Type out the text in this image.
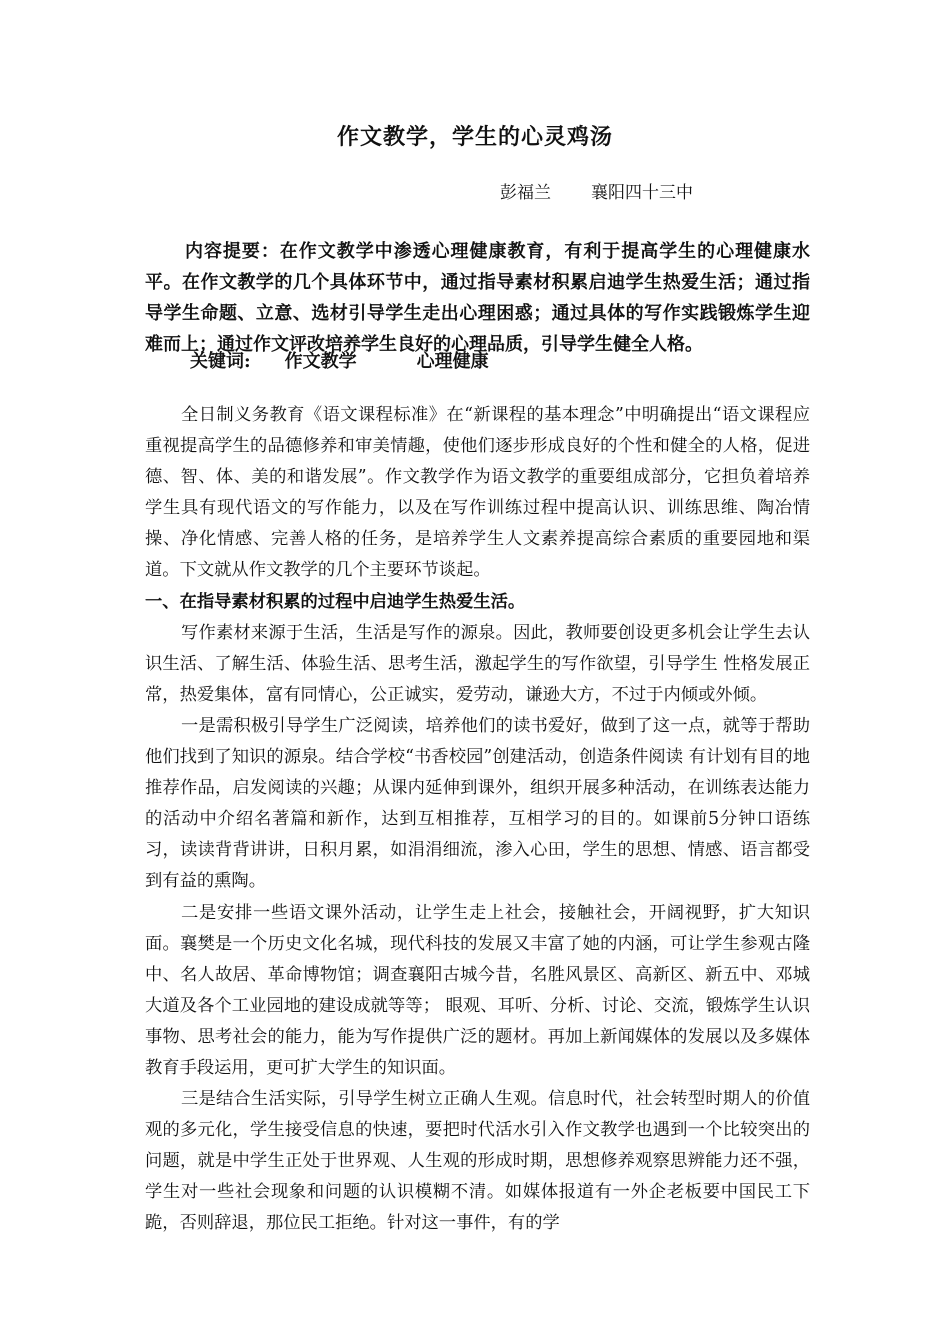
作文教学，学生的心灵鸡汤
彭福兰 襄阳四十三中

内容提要：在作文教学中渗透心理健康教育，有利于提高学生的心理健康水平。在作文教学的几个具体环节中，通过指导素材积累启迪学生热爱生活；通过指导学生命题、立意、选材引导学生走出心理困惑；通过具体的写作实践锻炼学生迎难而上；通过作文评改培养学生良好的心理品质，引导学生健全人格。

关键词: 作文教学	心理健康

全日制义务教育《语文课程标准》在“新课程的基本理念”中明确提出“语文课程应重视提高学生的品德修养和审美情趣，使他们逐步形成良好的个性和健全的人格，促进德、智、体、美的和谐发展”。作文教学作为语文教学的重要组成部分，它担负着培养学生具有现代语文的写作能力，以及在写作训练过程中提高认识、训练思维、陶冶情操、净化情感、完善人格的任务，是培养学生人文素养提高综合素质的重要园地和渠道。下文就从作文教学的几个主要环节谈起。

一、在指导素材积累的过程中启迪学生热爱生活。

写作素材来源于生活，生活是写作的源泉。因此，教师要创设更多机会让学生去认识生活、了解生活、体验生活、思考生活，激起学生的写作欲望，引导学生 性格发展正常，热爱集体，富有同情心，公正诚实，爱劳动，谦逊大方，不过于内倾或外倾。

一是需积极引导学生广泛阅读，培养他们的读书爱好，做到了这一点，就等于帮助他们找到了知识的源泉。结合学校“书香校园”创建活动，创造条件阅读 有计划有目的地推荐作品，启发阅读的兴趣；从课内延伸到课外，组织开展多种活动，在训练表达能力的活动中介绍名著篇和新作，达到互相推荐，互相学习的目的。如课前5分钟口语练习，读读背背讲讲，日积月累，如涓涓细流，渗入心田，学生的思想、情感、语言都受到有益的熏陶。

二是安排一些语文课外活动，让学生走上社会，接触社会，开阔视野，扩大知识面。襄樊是一个历史文化名城，现代科技的发展又丰富了她的内涵，可让学生参观古隆中、名人故居、革命博物馆；调查襄阳古城今昔，名胜风景区、高新区、新五中、邓城大道及各个工业园地的建设成就等等； 眼观、耳听、分析、讨论、交流，锻炼学生认识事物、思考社会的能力，能为写作提供广泛的题材。再加上新闻媒体的发展以及多媒体教育手段运用，更可扩大学生的知识面。

三是结合生活实际，引导学生树立正确人生观。信息时代，社会转型时期人的价值观的多元化，学生接受信息的快速，要把时代活水引入作文教学也遇到一个比较突出的问题，就是中学生正处于世界观、人生观的形成时期，思想修养观察思辨能力还不强，学生对一些社会现象和问题的认识模糊不清。如媒体报道有一外企老板要中国民工下跪，否则辞退，那位民工拒绝。针对这一事件，有的学
